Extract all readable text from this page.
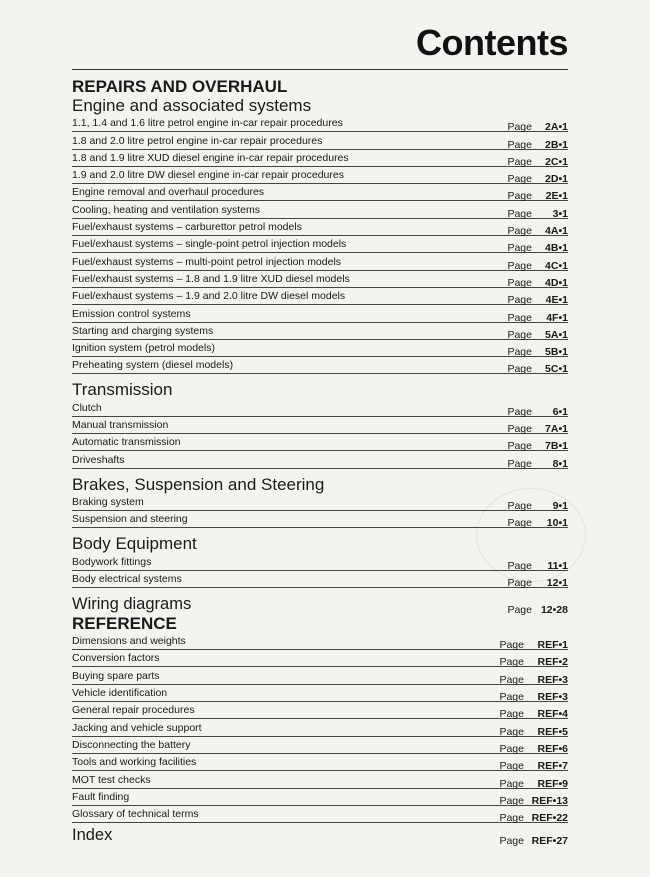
Contents
REPAIRS AND OVERHAUL
Engine and associated systems
1.1, 1.4 and 1.6 litre petrol engine in-car repair procedures	Page	2A•1
1.8 and 2.0 litre petrol engine in-car repair procedures	Page	2B•1
1.8 and 1.9 litre XUD diesel engine in-car repair procedures	Page	2C•1
1.9 and 2.0 litre DW diesel engine in-car repair procedures	Page	2D•1
Engine removal and overhaul procedures	Page	2E•1
Cooling, heating and ventilation systems	Page	3•1
Fuel/exhaust systems – carburettor petrol models	Page	4A•1
Fuel/exhaust systems – single-point petrol injection models	Page	4B•1
Fuel/exhaust systems – multi-point petrol injection models	Page	4C•1
Fuel/exhaust systems – 1.8 and 1.9 litre XUD diesel models	Page	4D•1
Fuel/exhaust systems – 1.9 and 2.0 litre DW diesel models	Page	4E•1
Emission control systems	Page	4F•1
Starting and charging systems	Page	5A•1
Ignition system (petrol models)	Page	5B•1
Preheating system (diesel models)	Page	5C•1
Transmission
Clutch	Page	6•1
Manual transmission	Page	7A•1
Automatic transmission	Page	7B•1
Driveshafts	Page	8•1
Brakes, Suspension and Steering
Braking system	Page	9•1
Suspension and steering	Page	10•1
Body Equipment
Bodywork fittings	Page	11•1
Body electrical systems	Page	12•1
Wiring diagrams	Page 12•28
REFERENCE
Dimensions and weights	Page	REF•1
Conversion factors	Page	REF•2
Buying spare parts	Page	REF•3
Vehicle identification	Page	REF•3
General repair procedures	Page	REF•4
Jacking and vehicle support	Page	REF•5
Disconnecting the battery	Page	REF•6
Tools and working facilities	Page	REF•7
MOT test checks	Page	REF•9
Fault finding	Page REF•13
Glossary of technical terms	Page REF•22
Index	Page REF•27
